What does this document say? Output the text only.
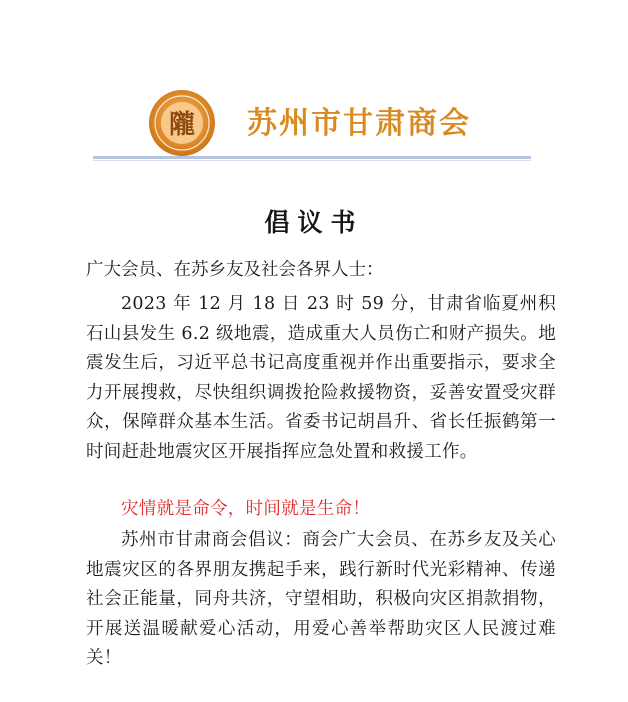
隴 苏州市甘肃商会
倡议书
广大会员、在苏乡友及社会各界人士：
2023 年 12 月 18 日 23 时 59 分，甘肃省临夏州积石山县发生 6.2 级地震，造成重大人员伤亡和财产损失。地震发生后，习近平总书记高度重视并作出重要指示，要求全力开展搜救，尽快组织调拨抢险救援物资，妥善安置受灾群众，保障群众基本生活。省委书记胡昌升、省长任振鹤第一时间赶赴地震灾区开展指挥应急处置和救援工作。
灾情就是命令，时间就是生命！
苏州市甘肃商会倡议：商会广大会员、在苏乡友及关心地震灾区的各界朋友携起手来，践行新时代光彩精神、传递社会正能量，同舟共济，守望相助，积极向灾区捐款捐物，开展送温暖献爱心活动，用爱心善举帮助灾区人民渡过难关！
